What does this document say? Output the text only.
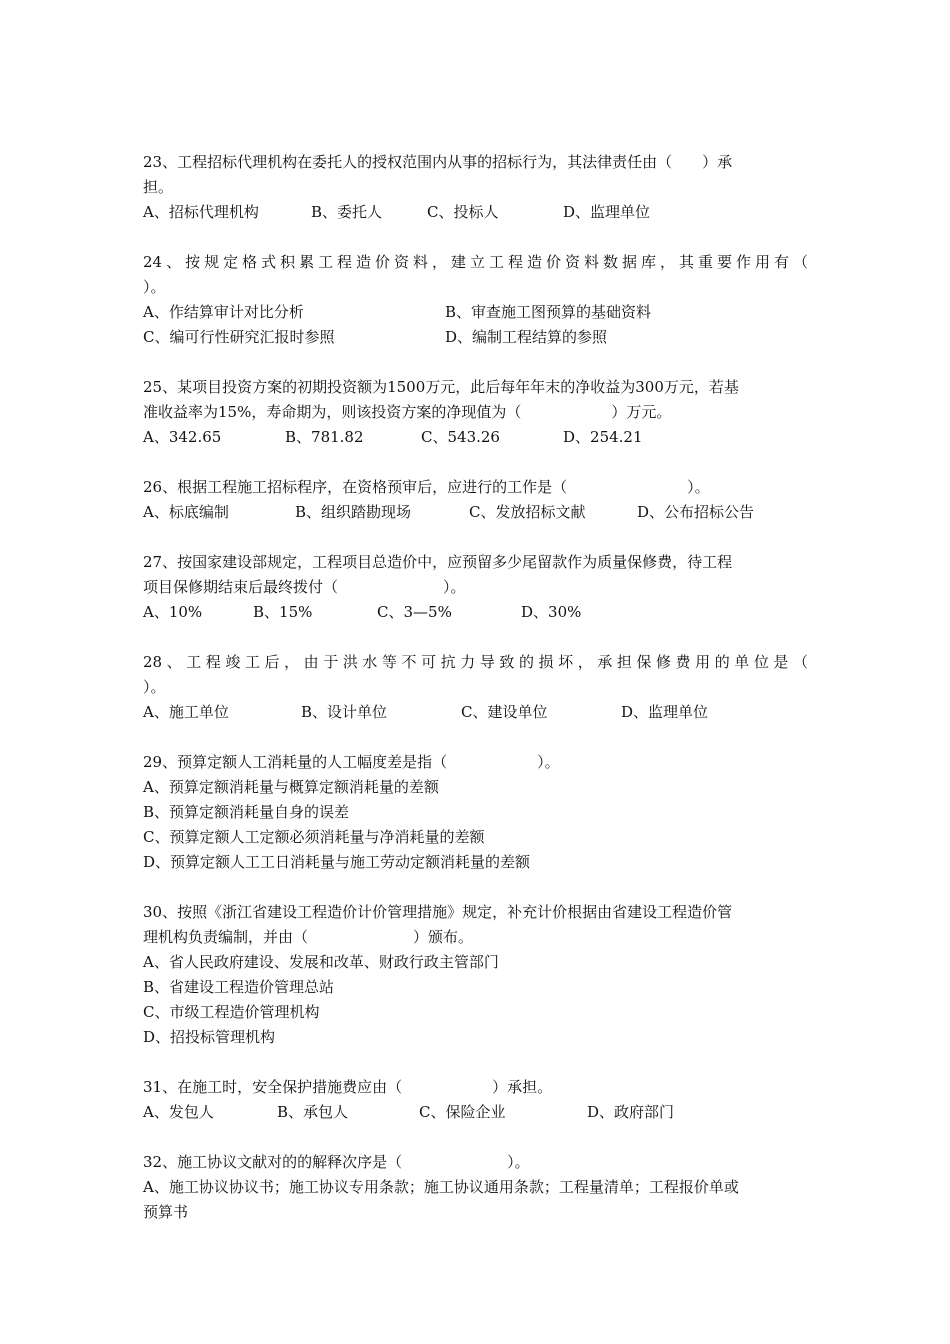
23、工程招标代理机构在委托人的授权范围内从事的招标行为，其法律责任由（　　）承
担。
A、招标代理机构	B、委托人	C、投标人	D、监理单位
24、按规定格式积累工程造价资料，建立工程造价资料数据库，其重要作用有（
）。
A、作结算审计对比分析	B、审查施工图预算的基础资料
C、编可行性研究汇报时参照	D、编制工程结算的参照
25、某项目投资方案的初期投资额为1500万元，此后每年年末的净收益为300万元，若基
准收益率为15%，寿命期为，则该投资方案的净现值为（　　　　　　）万元。
A、342.65	B、781.82	C、543.26	D、254.21
26、根据工程施工招标程序，在资格预审后，应进行的工作是（　　　　　　　　）。
A、标底编制	B、组织踏勘现场	C、发放招标文献	D、公布招标公告
27、按国家建设部规定，工程项目总造价中，应预留多少尾留款作为质量保修费，待工程
项目保修期结束后最终拨付（　　　　　　　）。
A、10%	B、15%	C、3—5%	D、30%
28、工程竣工后，由于洪水等不可抗力导致的损坏，承担保修费用的单位是（
）。
A、施工单位	B、设计单位	C、建设单位	D、监理单位
29、预算定额人工消耗量的人工幅度差是指（　　　　　　）。
A、预算定额消耗量与概算定额消耗量的差额
B、预算定额消耗量自身的误差
C、预算定额人工定额必须消耗量与净消耗量的差额
D、预算定额人工工日消耗量与施工劳动定额消耗量的差额
30、按照《浙江省建设工程造价计价管理措施》规定，补充计价根据由省建设工程造价管
理机构负责编制，并由（　　　　　　　）颁布。
A、省人民政府建设、发展和改革、财政行政主管部门
B、省建设工程造价管理总站
C、市级工程造价管理机构
D、招投标管理机构
31、在施工时，安全保护措施费应由（　　　　　　）承担。
A、发包人	B、承包人	C、保险企业	D、政府部门
32、施工协议文献对的的解释次序是（　　　　　　　）。
A、施工协议协议书；施工协议专用条款；施工协议通用条款；工程量清单；工程报价单或
预算书
